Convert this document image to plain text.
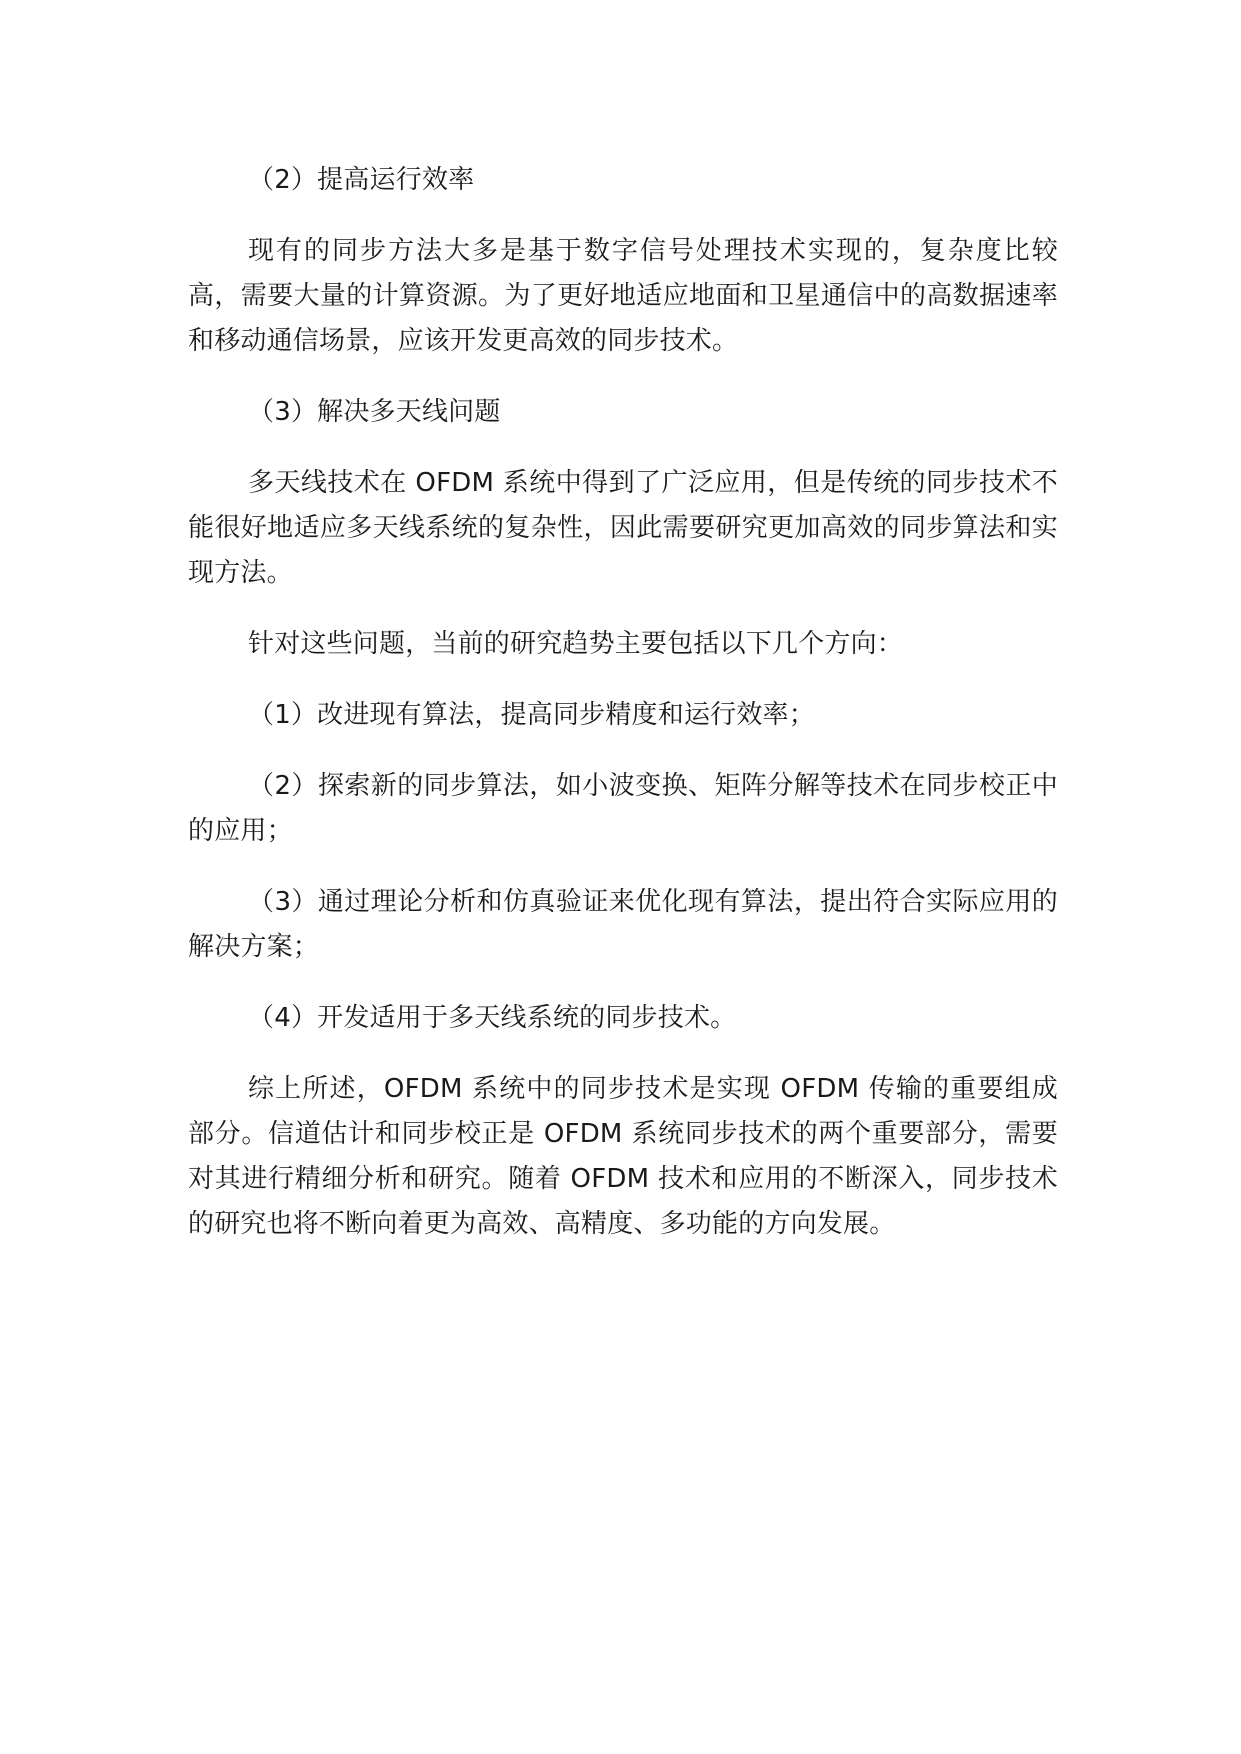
（2）提高运行效率

现有的同步方法大多是基于数字信号处理技术实现的，复杂度比较高，需要大量的计算资源。为了更好地适应地面和卫星通信中的高数据速率和移动通信场景，应该开发更高效的同步技术。

（3）解决多天线问题

多天线技术在 OFDM 系统中得到了广泛应用，但是传统的同步技术不能很好地适应多天线系统的复杂性，因此需要研究更加高效的同步算法和实现方法。

针对这些问题，当前的研究趋势主要包括以下几个方向：

（1）改进现有算法，提高同步精度和运行效率；

（2）探索新的同步算法，如小波变换、矩阵分解等技术在同步校正中的应用；

（3）通过理论分析和仿真验证来优化现有算法，提出符合实际应用的解决方案；

（4）开发适用于多天线系统的同步技术。

综上所述，OFDM 系统中的同步技术是实现 OFDM 传输的重要组成部分。信道估计和同步校正是 OFDM 系统同步技术的两个重要部分，需要对其进行精细分析和研究。随着 OFDM 技术和应用的不断深入，同步技术的研究也将不断向着更为高效、高精度、多功能的方向发展。
